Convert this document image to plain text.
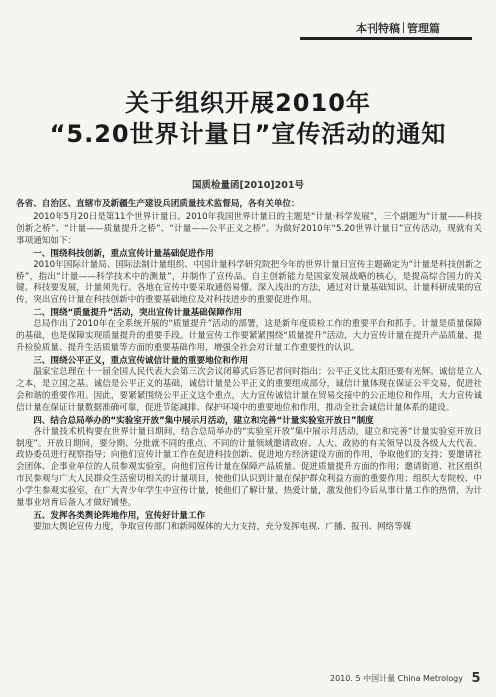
本刊特稿 管理篇
关于组织开展2010年
“5.20世界计量日”宣传活动的通知
国质检量函[2010]201号

各省、自治区、直辖市及新疆生产建设兵团质量技术监督局，各有关单位：

2010年5月20日是第11个世界计量日。2010年我国世界计量日的主题是“计量·科学发展”，三个副题为“计量——科技创新之桥”、“计量——质量提升之桥”、“计量——公平正义之桥”。为做好2010年“5.20世界计量日”宣传活动，现就有关事项通知如下：

一、围绕科技创新，重点宣传计量基础促进作用

2010年国际计量局、国际法制计量组织、中国计量科学研究院把今年的世界计量日宣传主题确定为“计量是科技创新之桥”，指出“计量——科学技术中的测量”，并制作了宣传品。自主创新能力是国家发展战略的核心，是提高综合国力的关键。科技要发展，计量须先行。各地在宣传中要采取通俗易懂、深入浅出的方法，通过对计量基础知识、计量科研成果的宣传，突出宣传计量在科技创新中的重要基础地位及对科技进步的重要促进作用。

二、围绕“质量提升”活动，突出宣传计量基础保障作用

总局作出了2010年在全系统开展的“质量提升”活动的部署，这是新年度质检工作的重要平台和抓手。计量是质量保障的基础，也是保障实现质量提升的重要手段。计量宣传工作要紧紧围绕“质量提升”活动，大力宣传计量在提升产品质量、提升检验质量、提升生活质量等方面的重要基础作用，增强全社会对计量工作重要性的认识。

三、围绕公平正义，重点宣传诚信计量的重要地位和作用

温家宝总理在十一届全国人民代表大会第三次会议闭幕式后答记者问时指出：公平正义比太阳还要有光辉。诚信是立人之本，是立国之基。诚信是公平正义的基础，诚信计量是公平正义的重要组成部分，诚信计量体现在保证公平交易，促进社会和谐的重要作用。因此，要紧紧围绕公平正义这个重点，大力宣传诚信计量在贸易交接中的公正地位和作用，大力宣传诚信计量在保证计量数据准确可靠，促进节能减排、保护环境中的重要地位和作用，推动全社会诚信计量体系的建设。

四、结合总局举办的“实验室开放”集中展示月活动，建立和完善“计量实验室开放日”制度

各计量技术机构要在世界计量日期间，结合总局举办的“实验室开放”集中展示月活动，建立和完善“计量实验室开放日制度”。开放日期间，要分期、分批就不同的重点、不同的计量领域邀请政府、人大、政协的有关领导以及各级人大代表、政协委员进行视察指导；向他们宣传计量工作在促进科技创新、促进地方经济建设方面的作用，争取他们的支持；要邀请社会团体、企事业单位的人员参观实验室，向他们宣传计量在保障产品质量、促进质量提升方面的作用；邀请街道、社区组织市民参观与广大人民群众生活密切相关的计量项目，使他们认识到计量在保护群众利益方面的重要作用；组织大专院校、中小学生参观实验室，在广大青少年学生中宣传计量，使他们了解计量，热爱计量，激发他们今后从事计量工作的热情，为计量事业培育后备人才做好铺垫。

五、发挥各类舆论阵地作用，宣传好计量工作

要加大舆论宣传力度，争取宣传部门和新闻媒体的大力支持，充分发挥电视、广播、报刊、网络等媒

2010. 5 中国计量 China Metrology 5
